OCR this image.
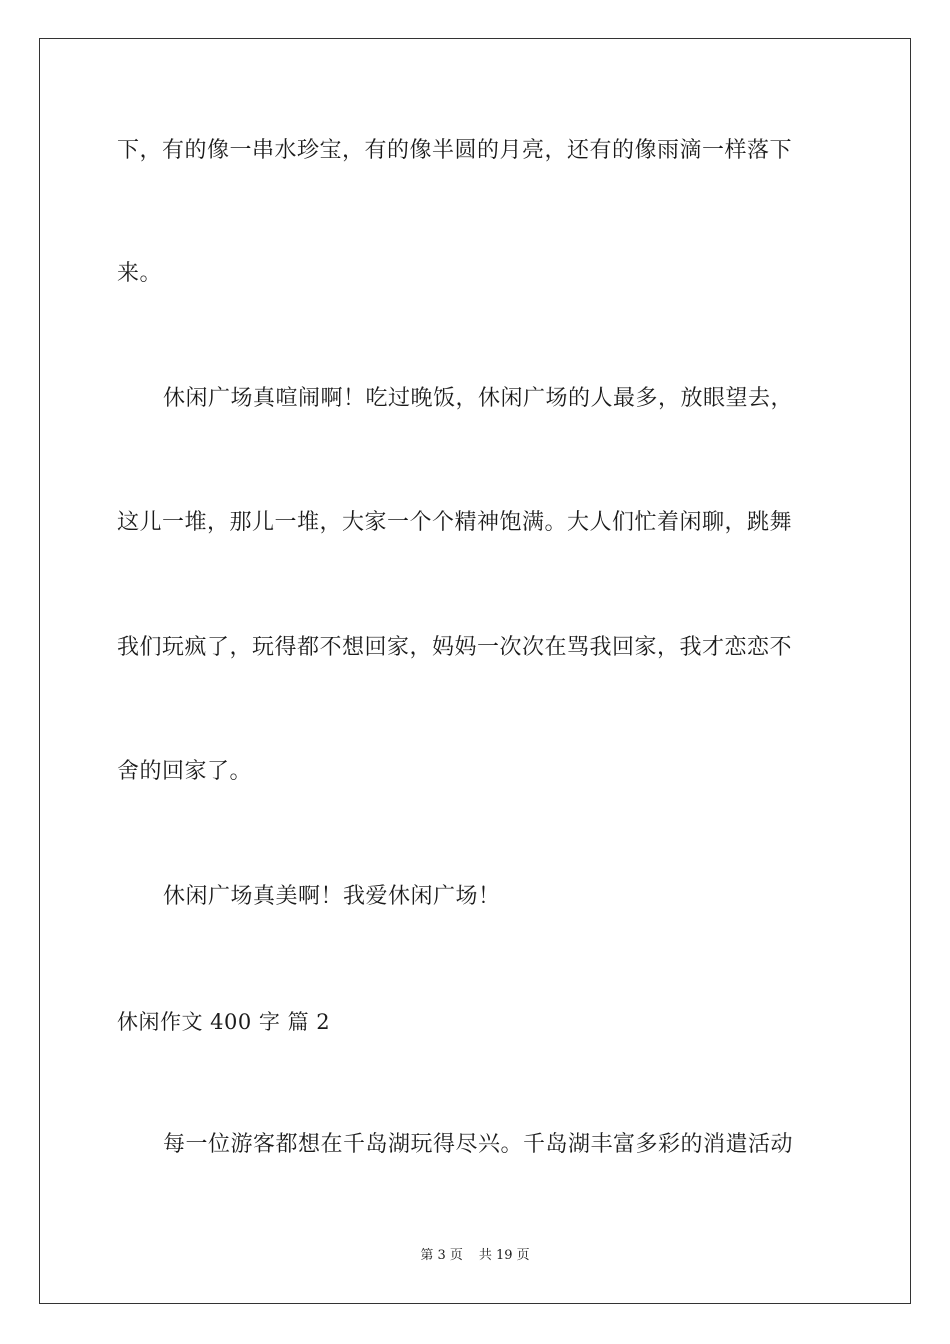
下，有的像一串水珍宝，有的像半圆的月亮，还有的像雨滴一样落下
来。
休闲广场真喧闹啊！吃过晚饭，休闲广场的人最多，放眼望去，
这儿一堆，那儿一堆，大家一个个精神饱满。大人们忙着闲聊，跳舞
我们玩疯了，玩得都不想回家，妈妈一次次在骂我回家，我才恋恋不
舍的回家了。
休闲广场真美啊！我爱休闲广场！
休闲作文 400 字 篇 2
每一位游客都想在千岛湖玩得尽兴。千岛湖丰富多彩的消遣活动
第 3 页 共 19 页
